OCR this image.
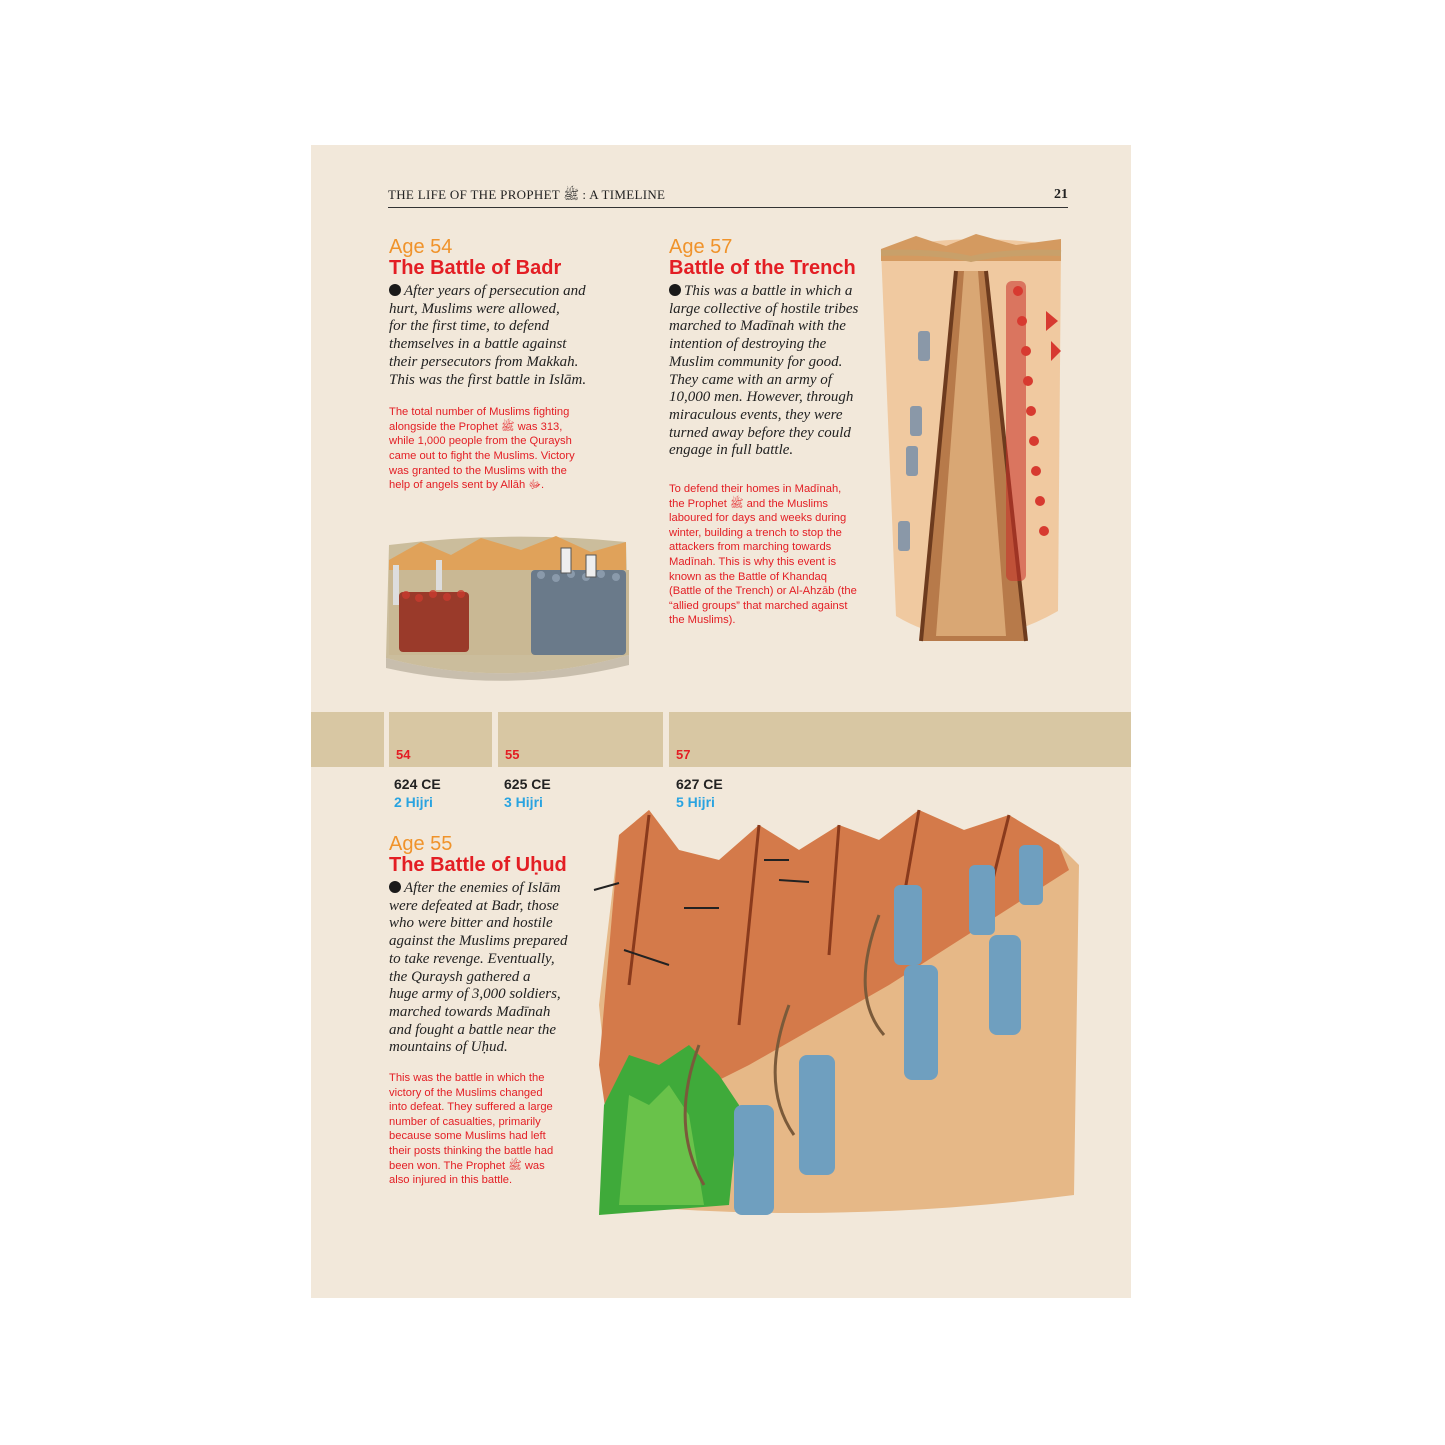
THE LIFE OF THE PROPHET ﷺ : A TIMELINE	21
Age 54
The Battle of Badr
After years of persecution and
hurt, Muslims were allowed,
for the first time, to defend
themselves in a battle against
their persecutors from Makkah.
This was the first battle in Islām.
The total number of Muslims fighting
alongside the Prophet ﷺ was 313,
while 1,000 people from the Quraysh
came out to fight the Muslims. Victory
was granted to the Muslims with the
help of angels sent by Allāh ﷻ.
Age 57
Battle of the Trench
This was a battle in which a
large collective of hostile tribes
marched to Madīnah with the
intention of destroying the
Muslim community for good.
They came with an army of
10,000 men. However, through
miraculous events, they were
turned away before they could
engage in full battle.
To defend their homes in Madīnah,
the Prophet ﷺ and the Muslims
laboured for days and weeks during
winter, building a trench to stop the
attackers from marching towards
Madīnah. This is why this event is
known as the Battle of Khandaq
(Battle of the Trench) or Al-Ahzāb (the
“allied groups” that marched against
the Muslims).
Age 55
The Battle of Uḥud
After the enemies of Islām
were defeated at Badr, those
who were bitter and hostile
against the Muslims prepared
to take revenge. Eventually,
the Quraysh gathered a
huge army of 3,000 soldiers,
marched towards Madīnah
and fought a battle near the
mountains of Uḥud.
This was the battle in which the
victory of the Muslims changed
into defeat. They suffered a large
number of casualties, primarily
because some Muslims had left
their posts thinking the battle had
been won. The Prophet ﷺ was
also injured in this battle.
54	55	57
624 CE
2 Hijri
625 CE
3 Hijri
627 CE
5 Hijri
